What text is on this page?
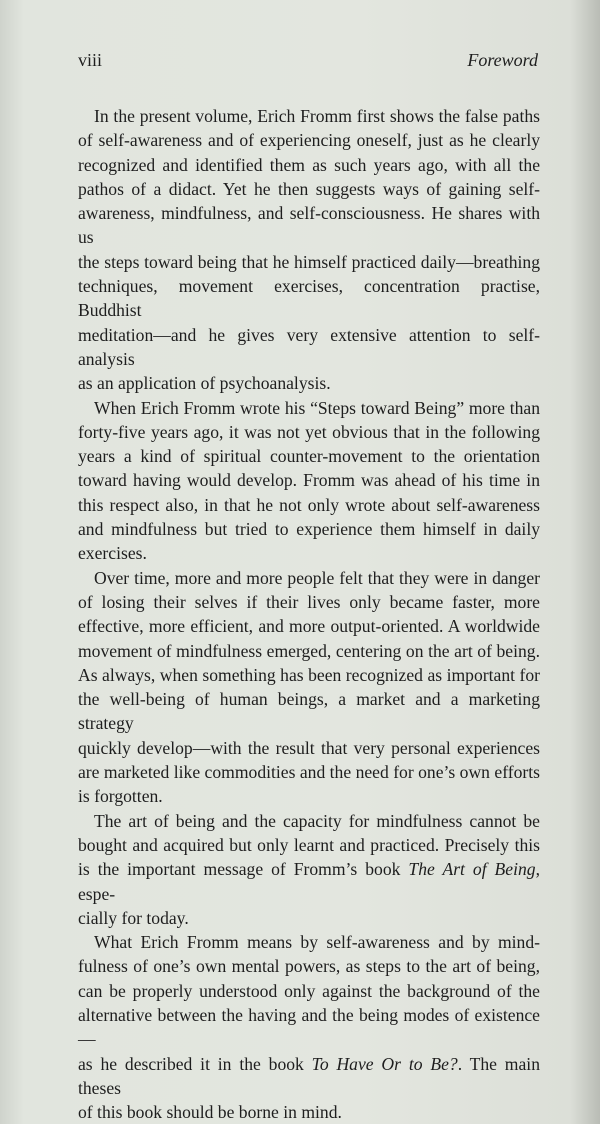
viii	Foreword
In the present volume, Erich Fromm first shows the false paths
of self-awareness and of experiencing oneself, just as he clearly
recognized and identified them as such years ago, with all the
pathos of a didact. Yet he then suggests ways of gaining self-
awareness, mindfulness, and self-consciousness. He shares with us
the steps toward being that he himself practiced daily—breathing
techniques, movement exercises, concentration practise, Buddhist
meditation—and he gives very extensive attention to self-analysis
as an application of psychoanalysis.
When Erich Fromm wrote his “Steps toward Being” more than
forty-five years ago, it was not yet obvious that in the following
years a kind of spiritual counter-movement to the orientation
toward having would develop. Fromm was ahead of his time in
this respect also, in that he not only wrote about self-awareness
and mindfulness but tried to experience them himself in daily
exercises.
Over time, more and more people felt that they were in danger
of losing their selves if their lives only became faster, more
effective, more efficient, and more output-oriented. A worldwide
movement of mindfulness emerged, centering on the art of being.
As always, when something has been recognized as important for
the well-being of human beings, a market and a marketing strategy
quickly develop—with the result that very personal experiences
are marketed like commodities and the need for one’s own efforts
is forgotten.
The art of being and the capacity for mindfulness cannot be
bought and acquired but only learnt and practiced. Precisely this
is the important message of Fromm’s book The Art of Being, espe-
cially for today.
What Erich Fromm means by self-awareness and by mind-
fulness of one’s own mental powers, as steps to the art of being,
can be properly understood only against the background of the
alternative between the having and the being modes of existence—
as he described it in the book To Have Or to Be?. The main theses
of this book should be borne in mind.
